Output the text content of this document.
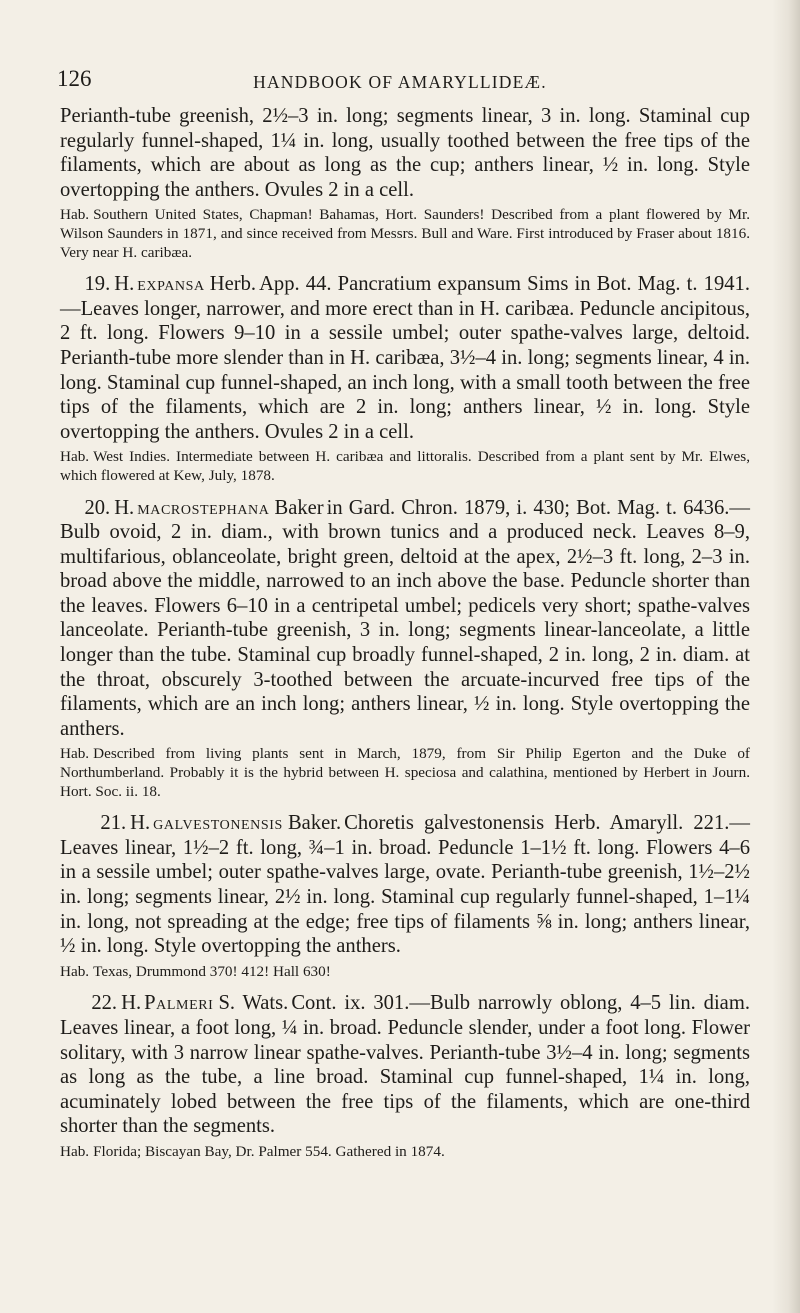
126	HANDBOOK OF AMARYLLIDEÆ.

Perianth-tube greenish, 2½–3 in. long; segments linear, 3 in. long. Staminal cup regularly funnel-shaped, 1¼ in. long, usually toothed between the free tips of the filaments, which are about as long as the cup; anthers linear, ½ in. long. Style overtopping the anthers. Ovules 2 in a cell.

Hab. Southern United States, Chapman! Bahamas, Hort. Saunders! Described from a plant flowered by Mr. Wilson Saunders in 1871, and since received from Messrs. Bull and Ware. First introduced by Fraser about 1816. Very near H. caribæa.

19. H. expansa Herb. App. 44. Pancratium expansum Sims in Bot. Mag. t. 1941.—Leaves longer, narrower, and more erect than in H. caribæa. Peduncle ancipitous, 2 ft. long. Flowers 9–10 in a sessile umbel; outer spathe-valves large, deltoid. Perianth-tube more slender than in H. caribæa, 3½–4 in. long; segments linear, 4 in. long. Staminal cup funnel-shaped, an inch long, with a small tooth between the free tips of the filaments, which are 2 in. long; anthers linear, ½ in. long. Style overtopping the anthers. Ovules 2 in a cell.

Hab. West Indies. Intermediate between H. caribæa and littoralis. Described from a plant sent by Mr. Elwes, which flowered at Kew, July, 1878.

20. H. macrostephana Baker in Gard. Chron. 1879, i. 430; Bot. Mag. t. 6436.—Bulb ovoid, 2 in. diam., with brown tunics and a produced neck. Leaves 8–9, multifarious, oblanceolate, bright green, deltoid at the apex, 2½–3 ft. long, 2–3 in. broad above the middle, narrowed to an inch above the base. Peduncle shorter than the leaves. Flowers 6–10 in a centripetal umbel; pedicels very short; spathe-valves lanceolate. Perianth-tube greenish, 3 in. long; segments linear-lanceolate, a little longer than the tube. Staminal cup broadly funnel-shaped, 2 in. long, 2 in. diam. at the throat, obscurely 3-toothed between the arcuate-incurved free tips of the filaments, which are an inch long; anthers linear, ½ in. long. Style overtopping the anthers.

Hab. Described from living plants sent in March, 1879, from Sir Philip Egerton and the Duke of Northumberland. Probably it is the hybrid between H. speciosa and calathina, mentioned by Herbert in Journ. Hort. Soc. ii. 18.

21. H. galvestonensis Baker. Choretis galvestonensis Herb. Amaryll. 221.—Leaves linear, 1½–2 ft. long, ¾–1 in. broad. Peduncle 1–1½ ft. long. Flowers 4–6 in a sessile umbel; outer spathe-valves large, ovate. Perianth-tube greenish, 1½–2½ in. long; segments linear, 2½ in. long. Staminal cup regularly funnel-shaped, 1–1¼ in. long, not spreading at the edge; free tips of filaments ⅝ in. long; anthers linear, ½ in. long. Style overtopping the anthers.

Hab. Texas, Drummond 370! 412! Hall 630!

22. H. Palmeri S. Wats. Cont. ix. 301.—Bulb narrowly oblong, 4–5 lin. diam. Leaves linear, a foot long, ¼ in. broad. Peduncle slender, under a foot long. Flower solitary, with 3 narrow linear spathe-valves. Perianth-tube 3½–4 in. long; segments as long as the tube, a line broad. Staminal cup funnel-shaped, 1¼ in. long, acuminately lobed between the free tips of the filaments, which are one-third shorter than the segments.

Hab. Florida; Biscayan Bay, Dr. Palmer 554. Gathered in 1874.
